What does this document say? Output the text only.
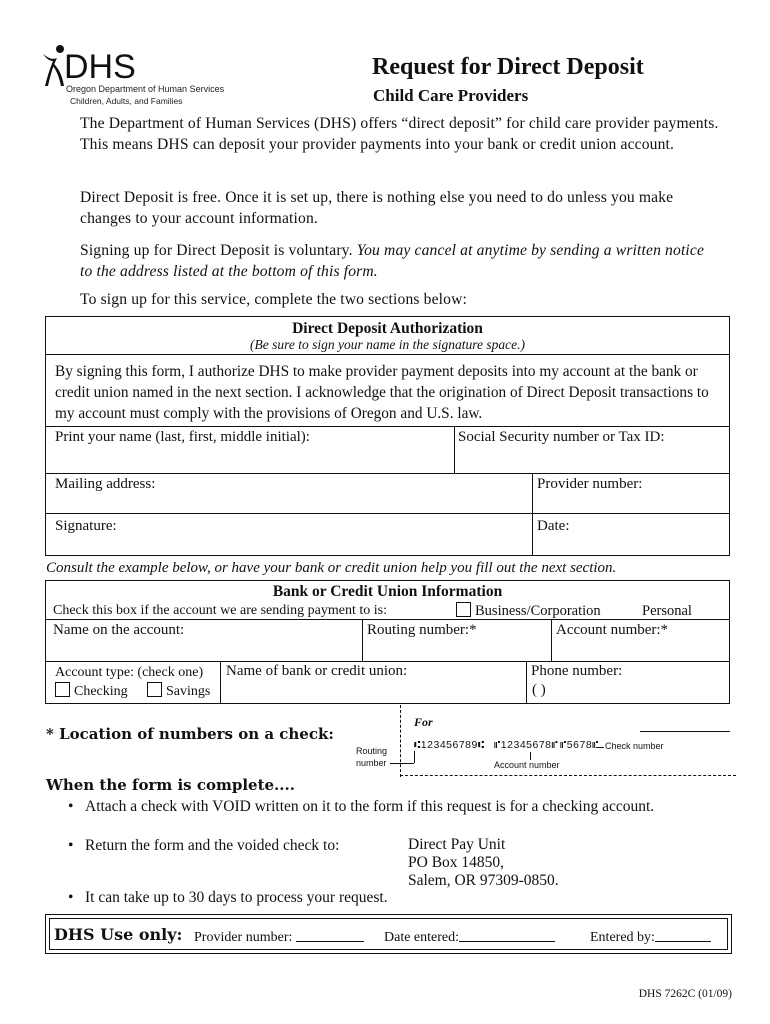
DHS
Oregon Department of Human Services
Children, Adults, and Families
Request for Direct Deposit
Child Care Providers
The Department of Human Services (DHS) offers “direct deposit” for child care provider payments. This means DHS can deposit your provider payments into your bank or credit union account.
Direct Deposit is free. Once it is set up, there is nothing else you need to do unless you make changes to your account information.
Signing up for Direct Deposit is voluntary. You may cancel at anytime by sending a written notice to the address listed at the bottom of this form.
To sign up for this service, complete the two sections below:
Direct Deposit Authorization
(Be sure to sign your name in the signature space.)
By signing this form, I authorize DHS to make provider payment deposits into my account at the bank or credit union named in the next section. I acknowledge that the origination of Direct Deposit transactions to my account must comply with the provisions of Oregon and U.S. law.
Print your name (last, first, middle initial):	Social Security number or Tax ID:
Mailing address:	Provider number:
Signature:	Date:
Consult the example below, or have your bank or credit union help you fill out the next section.
Bank or Credit Union Information
Check this box if the account we are sending payment to is:	Business/Corporation	Personal
Name on the account:	Routing number:*	Account number:*
Account type: (check one)
Checking	Savings
Name of bank or credit union:	Phone number:
( )
* Location of numbers on a check:
For
Routing
number
⑆123456789⑆ ⑈12345678⑈ ⑈5678⑈ Check number
Account number
When the form is complete....
• Attach a check with VOID written on it to the form if this request is for a checking account.
• Return the form and the voided check to:	Direct Pay Unit
PO Box 14850,
Salem, OR 97309-0850.
• It can take up to 30 days to process your request.
DHS Use only: Provider number:	Date entered:	Entered by:
DHS 7262C (01/09)
